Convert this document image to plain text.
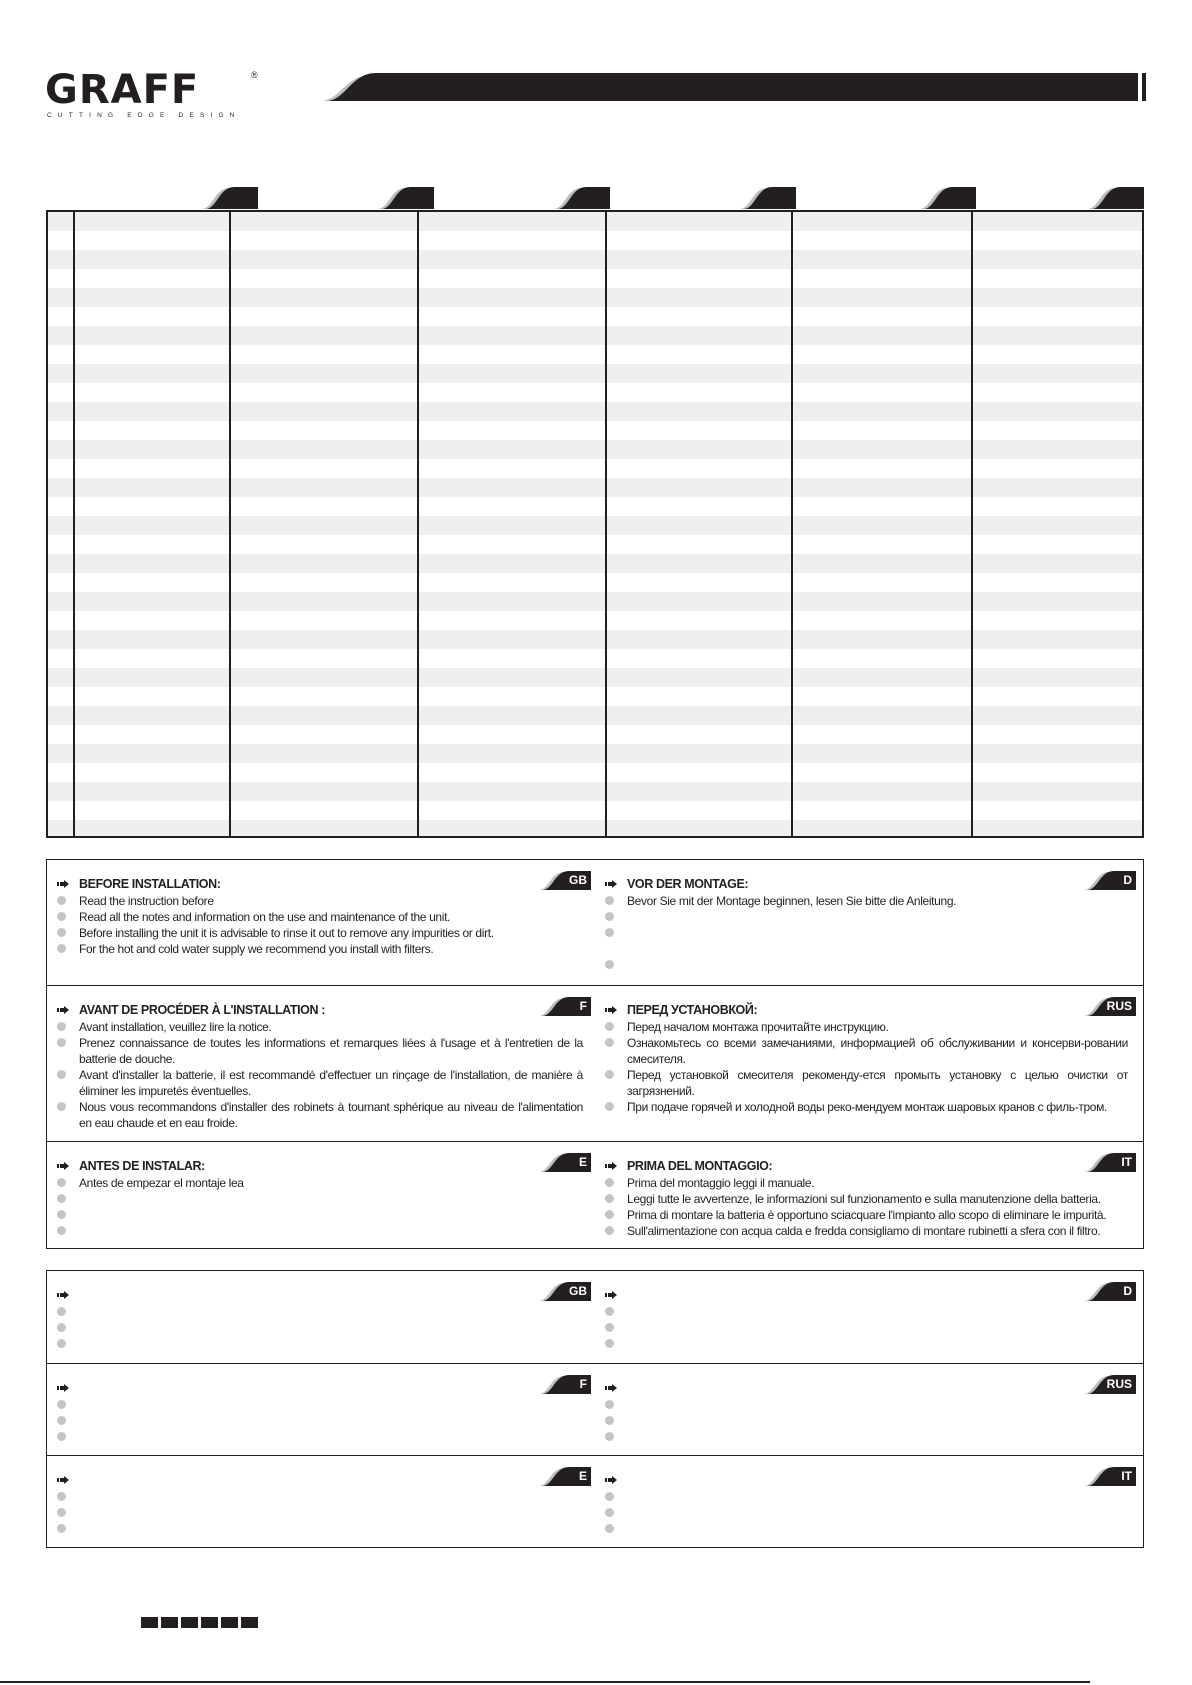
GRAFF	®
CUTTING EDGE DESIGN
GB
BEFORE INSTALLATION:
Read the instruction before
Read all the notes and information on the use and maintenance of the unit.
Before installing the unit it is advisable to rinse it out to remove any impurities or dirt.
For the hot and cold water supply we recommend you install with filters.
D
VOR DER MONTAGE:
Bevor Sie mit der Montage beginnen, lesen Sie bitte die Anleitung.
F
AVANT DE PROCÉDER À L'INSTALLATION :
Avant installation, veuillez lire la notice.
Prenez connaissance de toutes les informations et remarques liées à l'usage et à l'entretien de la batterie de douche.
Avant d'installer la batterie, il est recommandé d'effectuer un rinçage de l'installation, de manière à éliminer les impuretés éventuelles.
Nous vous recommandons d'installer des robinets à tournant sphérique au niveau de l'alimentation en eau chaude et en eau froide.
RUS
ПЕРЕД УСТАНОВКОЙ:
Перед началом монтажа прочитайте инструкцию.
Ознакомьтесь со всеми замечаниями, информацией об обслуживании и консерви-ровании смесителя.
Перед установкой смесителя рекоменду-ется промыть установку с целью очистки от загрязнений.
При подаче горячей и холодной воды реко-мендуем монтаж шаровых кранов с филь-тром.
E
ANTES DE INSTALAR:
Antes de empezar el montaje lea
IT
PRIMA DEL MONTAGGIO:
Prima del montaggio leggi il manuale.
Leggi tutte le avvertenze, le informazioni sul funzionamento e sulla manutenzione della batteria.
Prima di montare la batteria è opportuno sciacquare l'impianto allo scopo di eliminare le impurità.
Sull'alimentazione con acqua calda e fredda consigliamo di montare rubinetti a sfera con il filtro.
GB	D
F	RUS
E	IT
